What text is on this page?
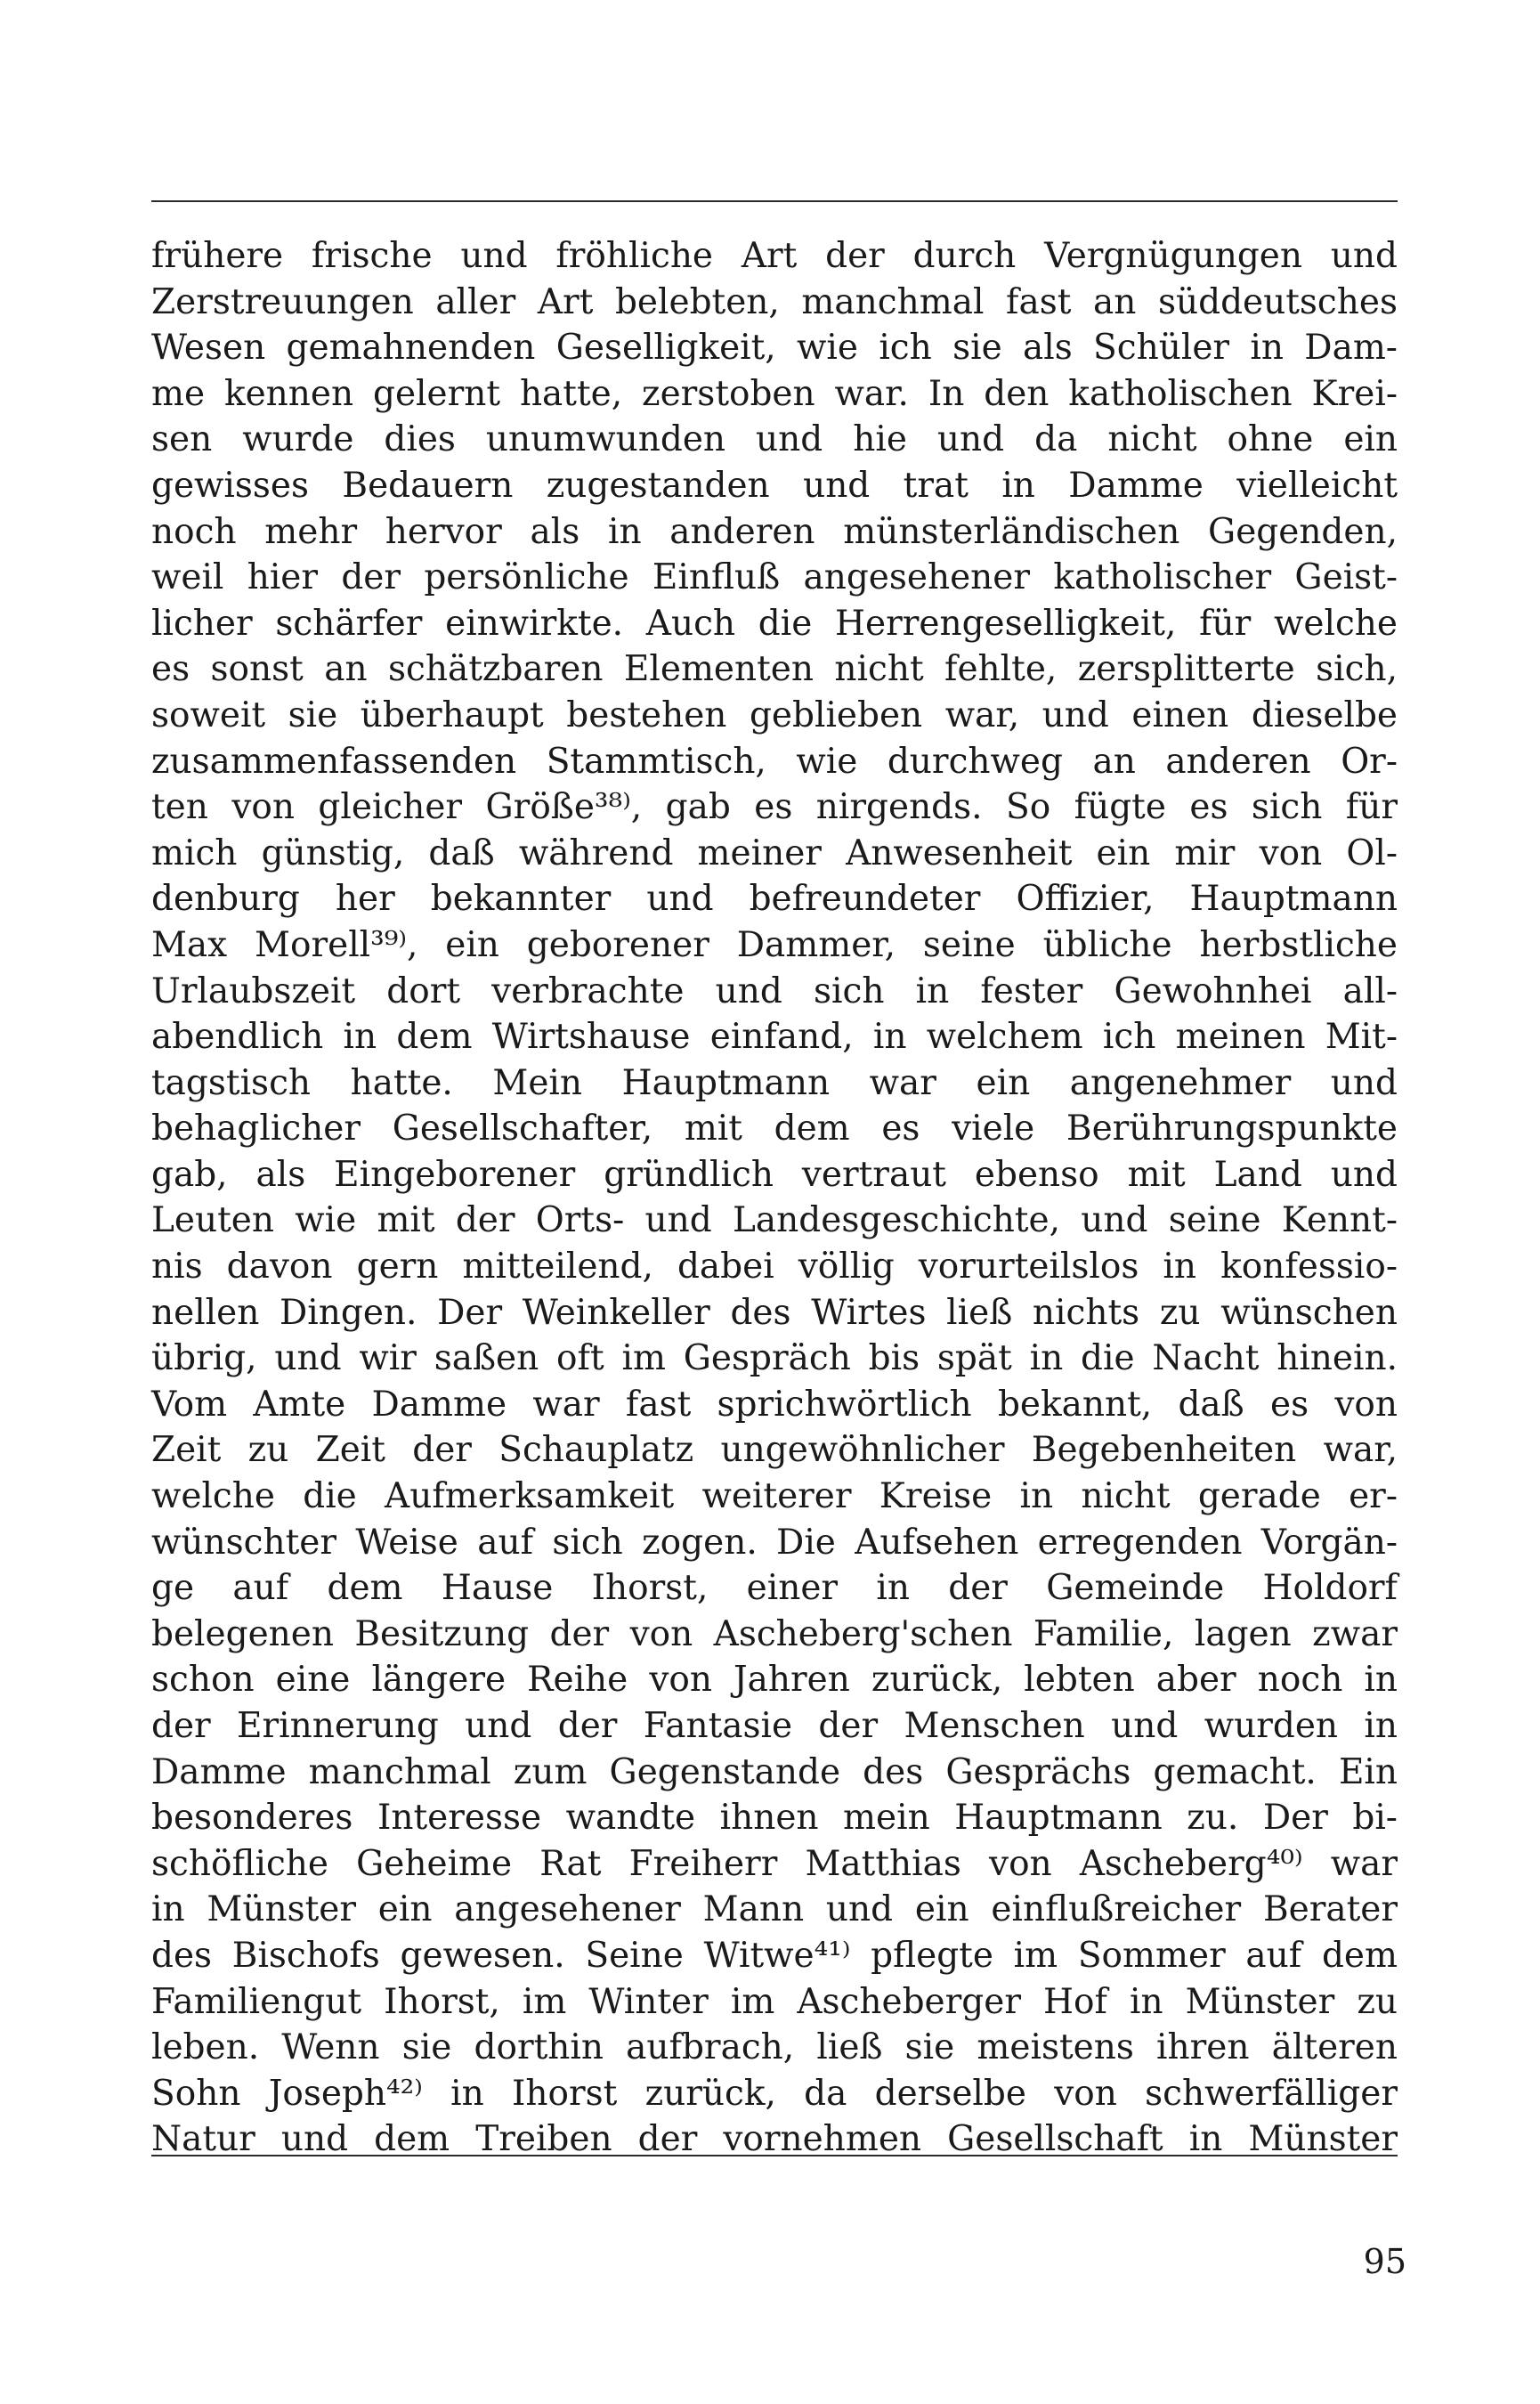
frühere frische und fröhliche Art der durch Vergnügungen und
Zerstreuungen aller Art belebten, manchmal fast an süddeutsches
Wesen gemahnenden Geselligkeit, wie ich sie als Schüler in Dam-
me kennen gelernt hatte, zerstoben war. In den katholischen Krei-
sen wurde dies unumwunden und hie und da nicht ohne ein
gewisses Bedauern zugestanden und trat in Damme vielleicht
noch mehr hervor als in anderen münsterländischen Gegenden,
weil hier der persönliche Einfluß angesehener katholischer Geist-
licher schärfer einwirkte. Auch die Herrengeselligkeit, für welche
es sonst an schätzbaren Elementen nicht fehlte, zersplitterte sich,
soweit sie überhaupt bestehen geblieben war, und einen dieselbe
zusammenfassenden Stammtisch, wie durchweg an anderen Or-
ten von gleicher Größe³⁸⁾, gab es nirgends. So fügte es sich für
mich günstig, daß während meiner Anwesenheit ein mir von Ol-
denburg her bekannter und befreundeter Offizier, Hauptmann
Max Morell³⁹⁾, ein geborener Dammer, seine übliche herbstliche
Urlaubszeit dort verbrachte und sich in fester Gewohnhei all-
abendlich in dem Wirtshause einfand, in welchem ich meinen Mit-
tagstisch hatte. Mein Hauptmann war ein angenehmer und
behaglicher Gesellschafter, mit dem es viele Berührungspunkte
gab, als Eingeborener gründlich vertraut ebenso mit Land und
Leuten wie mit der Orts- und Landesgeschichte, und seine Kennt-
nis davon gern mitteilend, dabei völlig vorurteilslos in konfessio-
nellen Dingen. Der Weinkeller des Wirtes ließ nichts zu wünschen
übrig, und wir saßen oft im Gespräch bis spät in die Nacht hinein.
Vom Amte Damme war fast sprichwörtlich bekannt, daß es von
Zeit zu Zeit der Schauplatz ungewöhnlicher Begebenheiten war,
welche die Aufmerksamkeit weiterer Kreise in nicht gerade er-
wünschter Weise auf sich zogen. Die Aufsehen erregenden Vorgän-
ge auf dem Hause Ihorst, einer in der Gemeinde Holdorf
belegenen Besitzung der von Ascheberg'schen Familie, lagen zwar
schon eine längere Reihe von Jahren zurück, lebten aber noch in
der Erinnerung und der Fantasie der Menschen und wurden in
Damme manchmal zum Gegenstande des Gesprächs gemacht. Ein
besonderes Interesse wandte ihnen mein Hauptmann zu. Der bi-
schöfliche Geheime Rat Freiherr Matthias von Ascheberg⁴⁰⁾ war
in Münster ein angesehener Mann und ein einflußreicher Berater
des Bischofs gewesen. Seine Witwe⁴¹⁾ pflegte im Sommer auf dem
Familiengut Ihorst, im Winter im Ascheberger Hof in Münster zu
leben. Wenn sie dorthin aufbrach, ließ sie meistens ihren älteren
Sohn Joseph⁴²⁾ in Ihorst zurück, da derselbe von schwerfälliger
Natur und dem Treiben der vornehmen Gesellschaft in Münster
95
